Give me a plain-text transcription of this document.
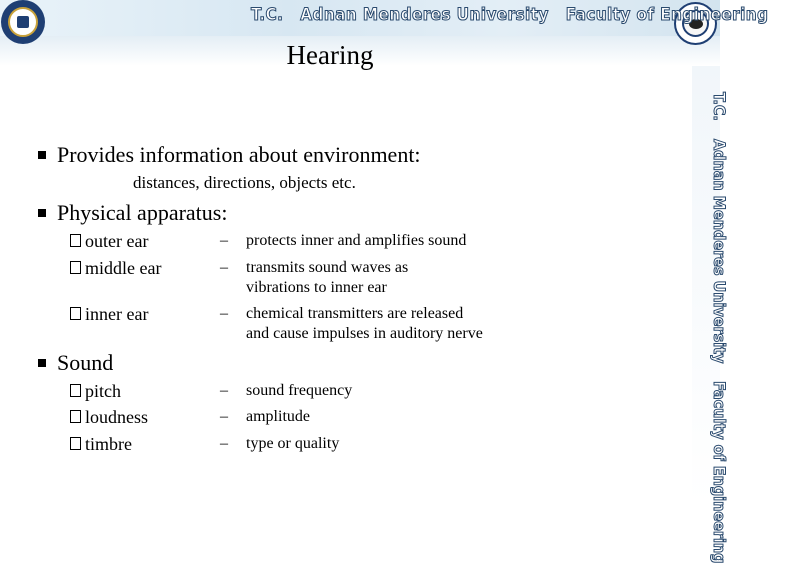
T.C. Adnan Menderes University Faculty of Engineering
T.C.Adnan Menderes UniversityFaculty of Engineering
Hearing
Provides information about environment:
distances, directions, objects etc.
Physical apparatus:
outer ear	– protects inner and amplifies sound
middle ear	– transmits sound waves as
vibrations to inner ear
inner ear	– chemical transmitters are released
and cause impulses in auditory nerve
Sound
pitch	– sound frequency
loudness	– amplitude
timbre	– type or quality
